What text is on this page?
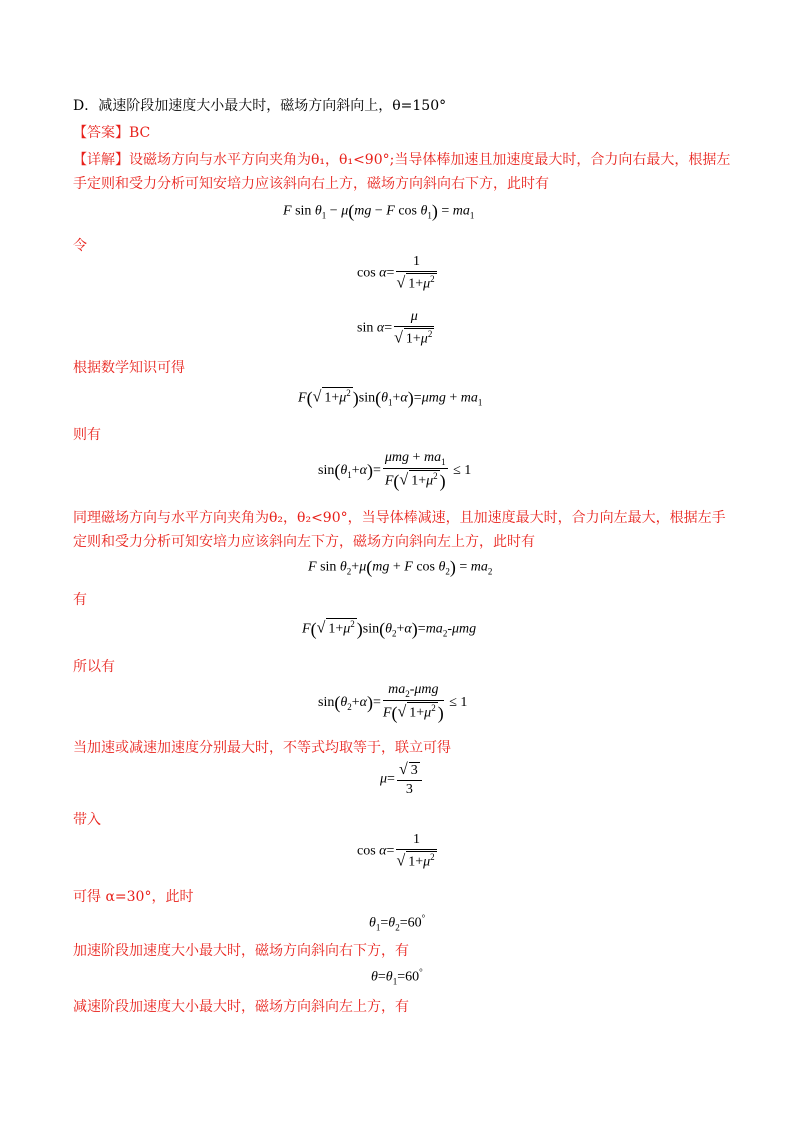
D．减速阶段加速度大小最大时，磁场方向斜向上，θ=150°
【答案】BC
【详解】设磁场方向与水平方向夹角为θ₁，θ₁<90°;当导体棒加速且加速度最大时，合力向右最大，根据左
手定则和受力分析可知安培力应该斜向右上方，磁场方向斜向右下方，此时有
F $\sin \theta_1 - \mu(mg - F$ $\cos \theta_1) = ma_1$
令
$\cos \alpha= \frac{1}{√ 1+\mu^2}$
$\sin \alpha= \frac{\mu}{√ 1+\mu^2}$
根据数学知识可得
F(√ $1+\mu^2$ )$\sin(\theta_1+\alpha)=\mu mg + ma_1$
则有
$\sin(\theta_1+\alpha)= \frac{\mu mg + ma_1}{F(√ 1+\mu^2 )} \le 1$
同理磁场方向与水平方向夹角为θ₂，θ₂<90°，当导体棒减速，且加速度最大时，合力向左最大，根据左手
定则和受力分析可知安培力应该斜向左下方，磁场方向斜向左上方，此时有
F $\sin \theta_2+\mu(mg + F$ $\cos \theta_2) = ma_2$
有
F(√ $1+\mu^2$ )$\sin(\theta_2+\alpha)=ma_2$-μmg
所以有
$\sin(\theta_2+\alpha)= \frac{ma_2-\mu mg}{F(√ 1+\mu^2 )} \le 1$
当加速或减速加速度分别最大时，不等式均取等于，联立可得
$\mu= \frac{√ 3}{3}$
带入
$\cos \alpha= \frac{1}{√ 1+\mu^2}$
可得 α=30°，此时
$\theta_1=\theta_2=60^\circ$
加速阶段加速度大小最大时，磁场方向斜向右下方，有
$\theta=\theta_1=60^\circ$
减速阶段加速度大小最大时，磁场方向斜向左上方，有
